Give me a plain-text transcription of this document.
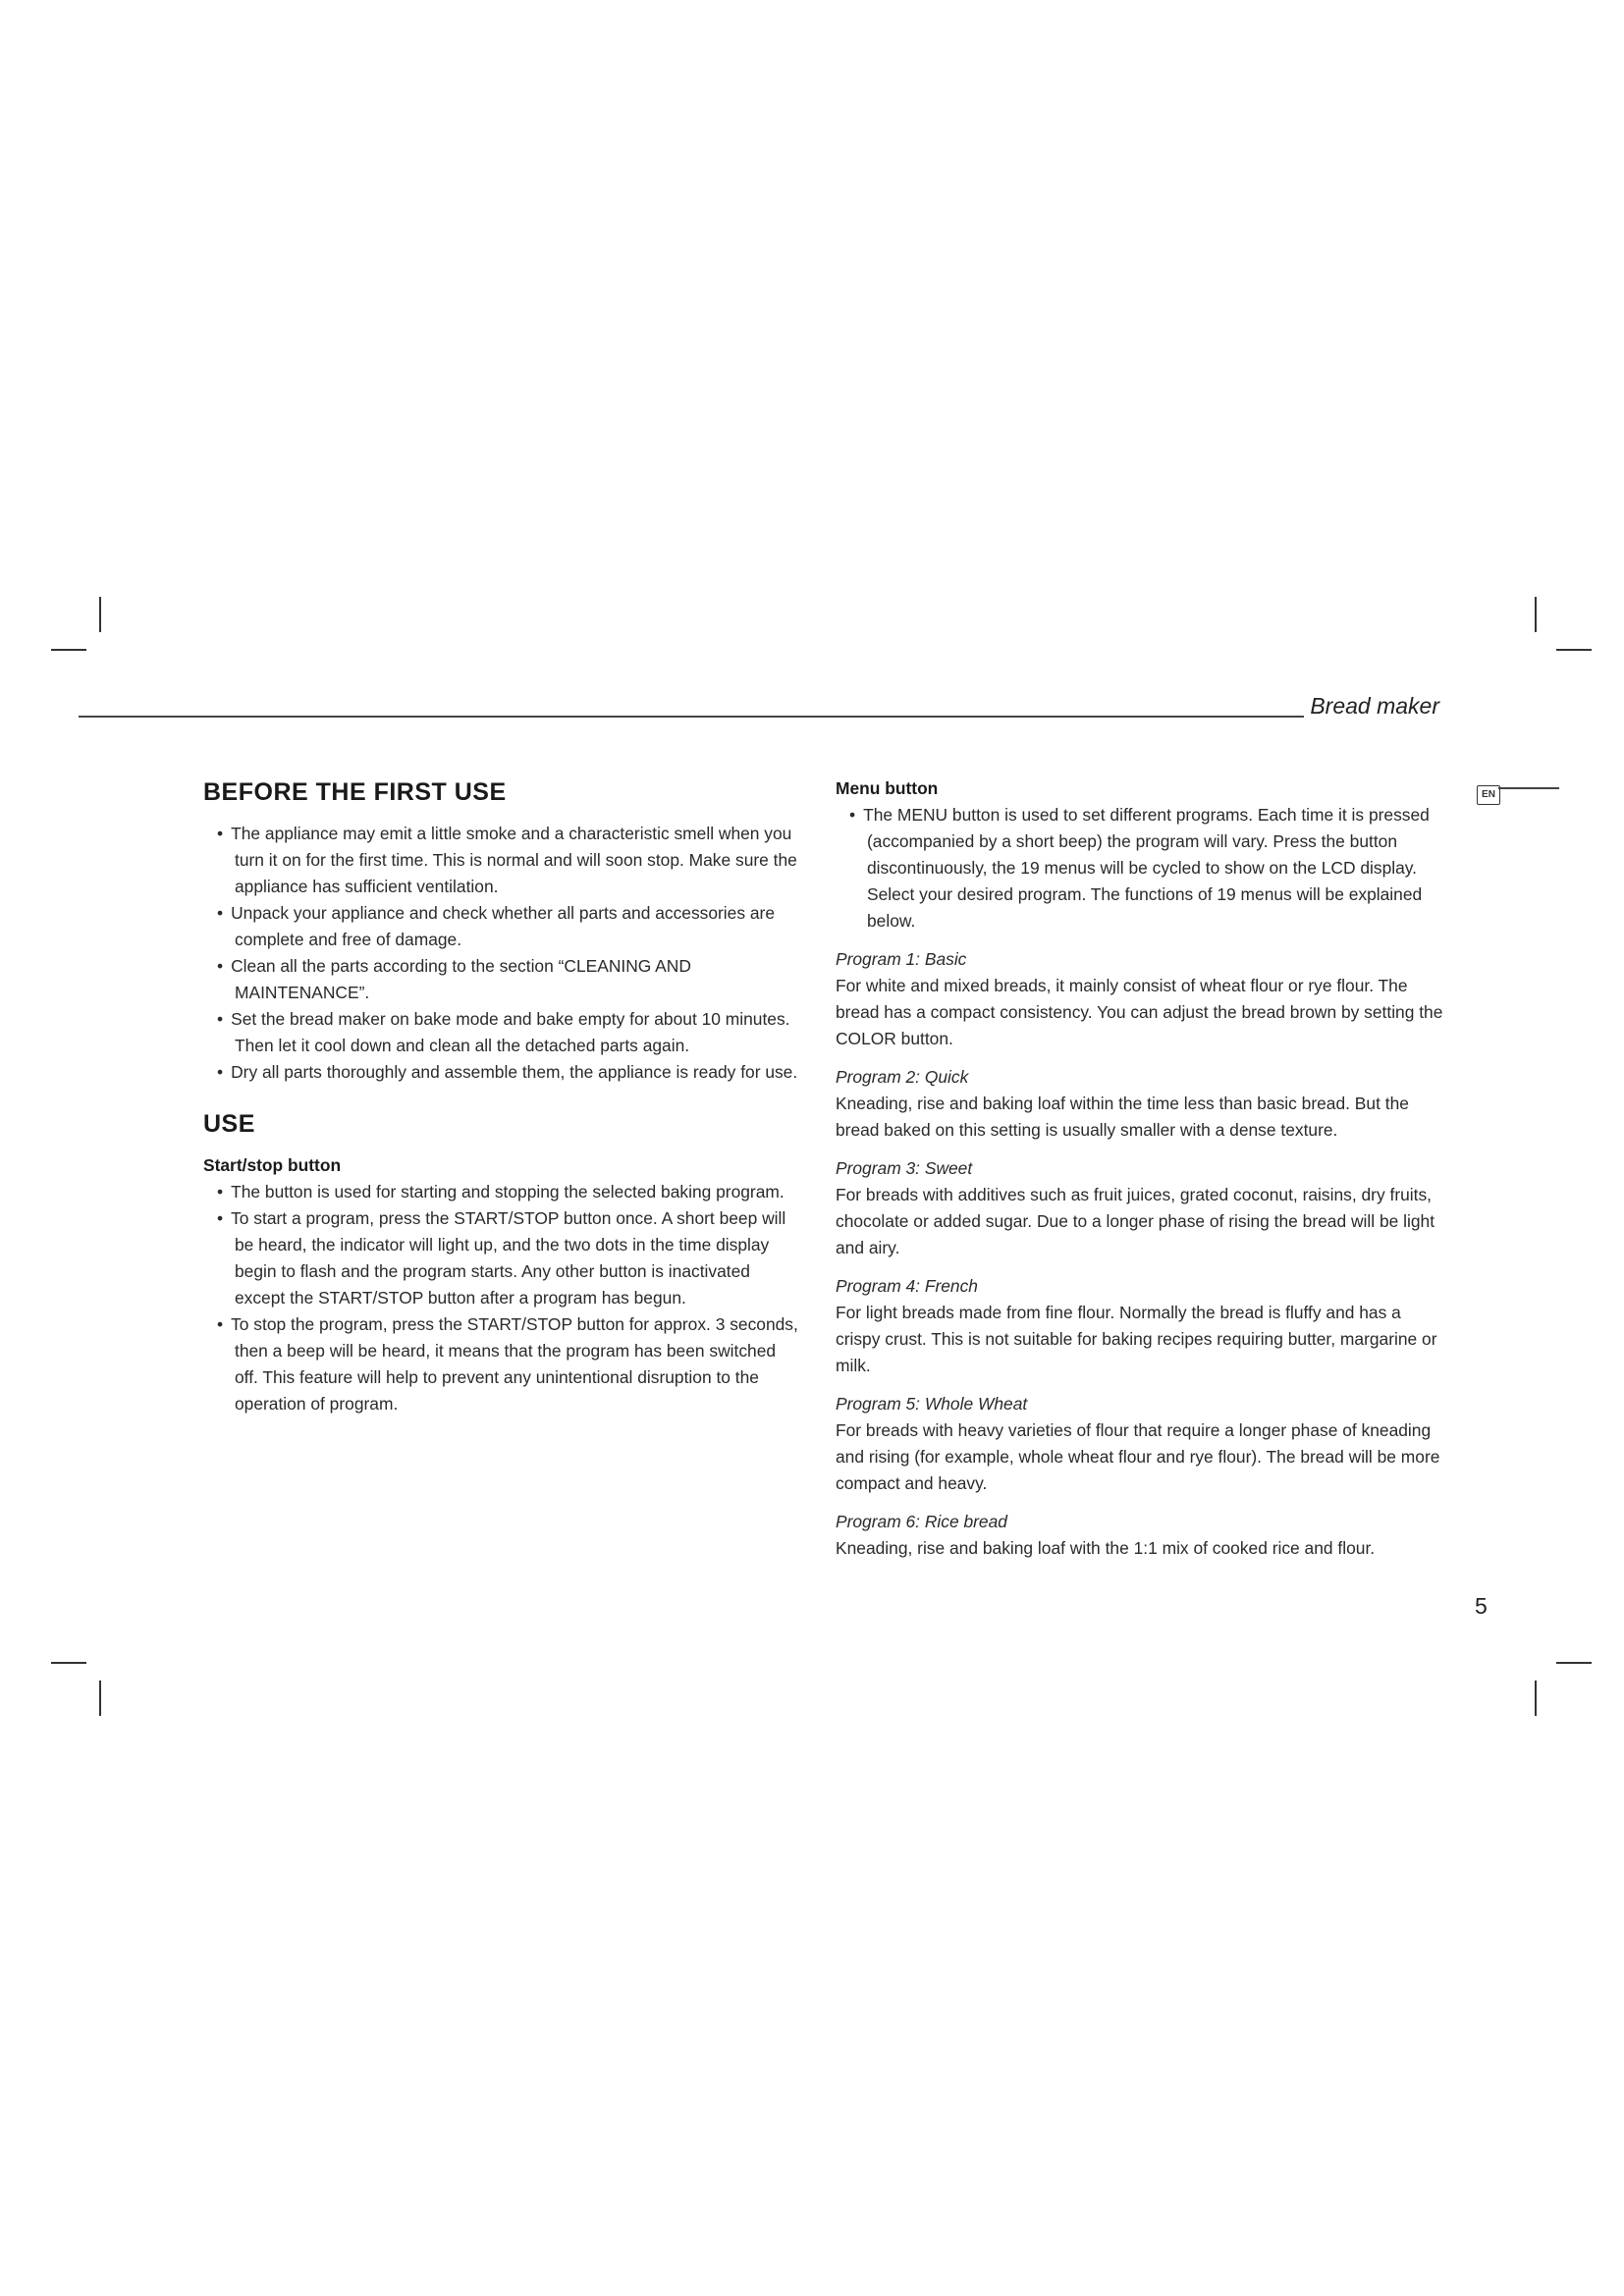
Bread maker
EN
BEFORE THE FIRST USE
• The appliance may emit a little smoke and a characteristic smell when you turn it on for the first time. This is normal and will soon stop. Make sure the appliance has sufficient ventilation.
• Unpack your appliance and check whether all parts and accessories are complete and free of damage.
• Clean all the parts according to the section “CLEANING AND MAINTENANCE”.
• Set the bread maker on bake mode and bake empty for about 10 minutes. Then let it cool down and clean all the detached parts again.
• Dry all parts thoroughly and assemble them, the appliance is ready for use.
USE
Start/stop button
• The button is used for starting and stopping the selected baking program.
• To start a program, press the START/STOP button once. A short beep will be heard, the indicator will light up, and the two dots in the time display begin to flash and the program starts. Any other button is inactivated except the START/STOP button after a program has begun.
• To stop the program, press the START/STOP button for approx. 3 seconds, then a beep will be heard, it means that the program has been switched off. This feature will help to prevent any unintentional disruption to the operation of program.
Menu button
• The MENU button is used to set different programs. Each time it is pressed (accompanied by a short beep) the program will vary. Press the button discontinuously, the 19 menus will be cycled to show on the LCD display. Select your desired program. The functions of 19 menus will be explained below.

Program 1: Basic

For white and mixed breads, it mainly consist of wheat flour or rye flour. The bread has a compact consistency. You can adjust the bread brown by setting the COLOR button.

Program 2: Quick

Kneading, rise and baking loaf within the time less than basic bread. But the bread baked on this setting is usually smaller with a dense texture.

Program 3: Sweet

For breads with additives such as fruit juices, grated coconut, raisins, dry fruits, chocolate or added sugar. Due to a longer phase of rising the bread will be light and airy.

Program 4: French

For light breads made from fine flour. Normally the bread is fluffy and has a crispy crust. This is not suitable for baking recipes requiring butter, margarine or milk.

Program 5: Whole Wheat

For breads with heavy varieties of flour that require a longer phase of kneading and rising (for example, whole wheat flour and rye flour). The bread will be more compact and heavy.

Program 6: Rice bread

Kneading, rise and baking loaf with the 1:1 mix of cooked rice and flour.

5
